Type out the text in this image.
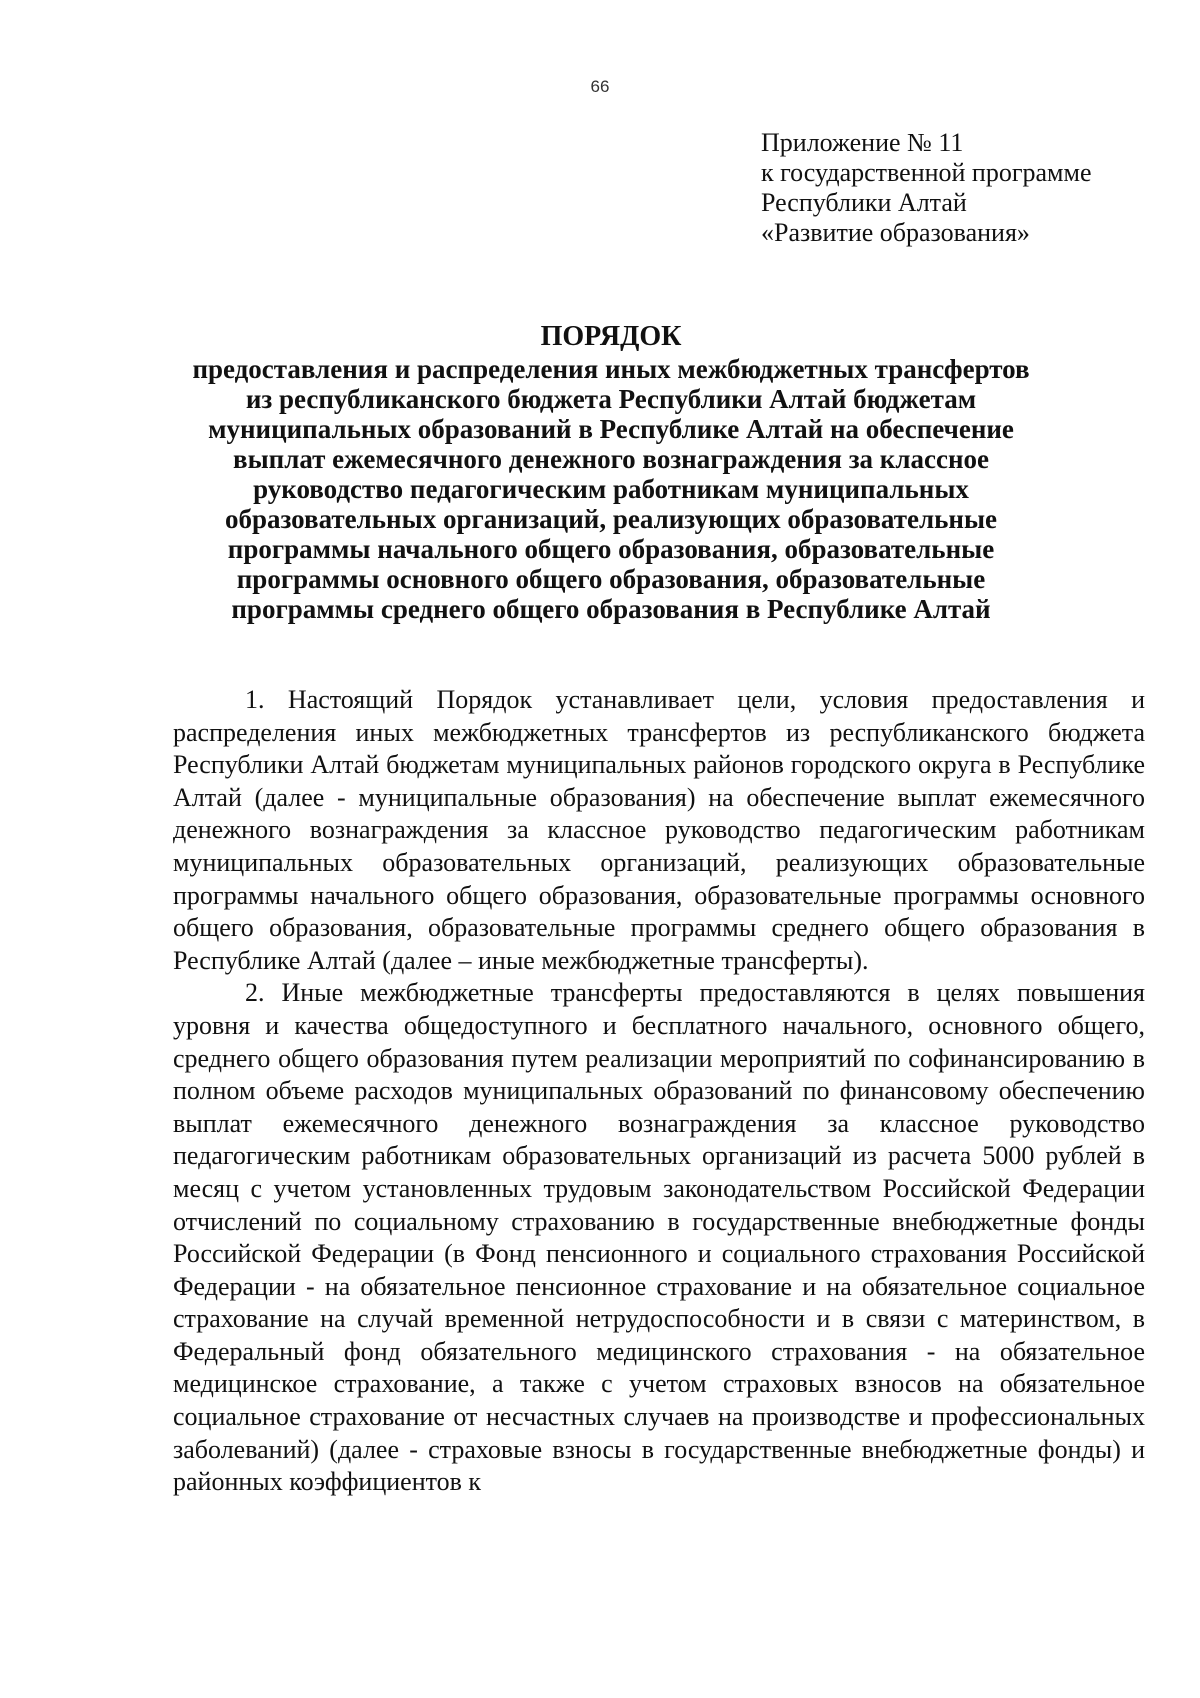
66
Приложение № 11
к государственной программе
Республики Алтай
«Развитие образования»
ПОРЯДОК
предоставления и распределения иных межбюджетных трансфертов
из республиканского бюджета Республики Алтай бюджетам
муниципальных образований в Республике Алтай на обеспечение
выплат ежемесячного денежного вознаграждения за классное
руководство педагогическим работникам муниципальных
образовательных организаций, реализующих образовательные
программы начального общего образования, образовательные
программы основного общего образования, образовательные
программы среднего общего образования в Республике Алтай

1. Настоящий Порядок устанавливает цели, условия предоставления и распределения иных межбюджетных трансфертов из республиканского бюджета Республики Алтай бюджетам муниципальных районов городского округа в Республике Алтай (далее - муниципальные образования) на обеспечение выплат ежемесячного денежного вознаграждения за классное руководство педагогическим работникам муниципальных образовательных организаций, реализующих образовательные программы начального общего образования, образовательные программы основного общего образования, образовательные программы среднего общего образования в Республике Алтай (далее – иные межбюджетные трансферты).

2. Иные межбюджетные трансферты предоставляются в целях повышения уровня и качества общедоступного и бесплатного начального, основного общего, среднего общего образования путем реализации мероприятий по софинансированию в полном объеме расходов муниципальных образований по финансовому обеспечению выплат ежемесячного денежного вознаграждения за классное руководство педагогическим работникам образовательных организаций из расчета 5000 рублей в месяц с учетом установленных трудовым законодательством Российской Федерации отчислений по социальному страхованию в государственные внебюджетные фонды Российской Федерации (в Фонд пенсионного и социального страхования Российской Федерации - на обязательное пенсионное страхование и на обязательное социальное страхование на случай временной нетрудоспособности и в связи с материнством, в Федеральный фонд обязательного медицинского страхования - на обязательное медицинское страхование, а также с учетом страховых взносов на обязательное социальное страхование от несчастных случаев на производстве и профессиональных заболеваний) (далее - страховые взносы в государственные внебюджетные фонды) и районных коэффициентов к
